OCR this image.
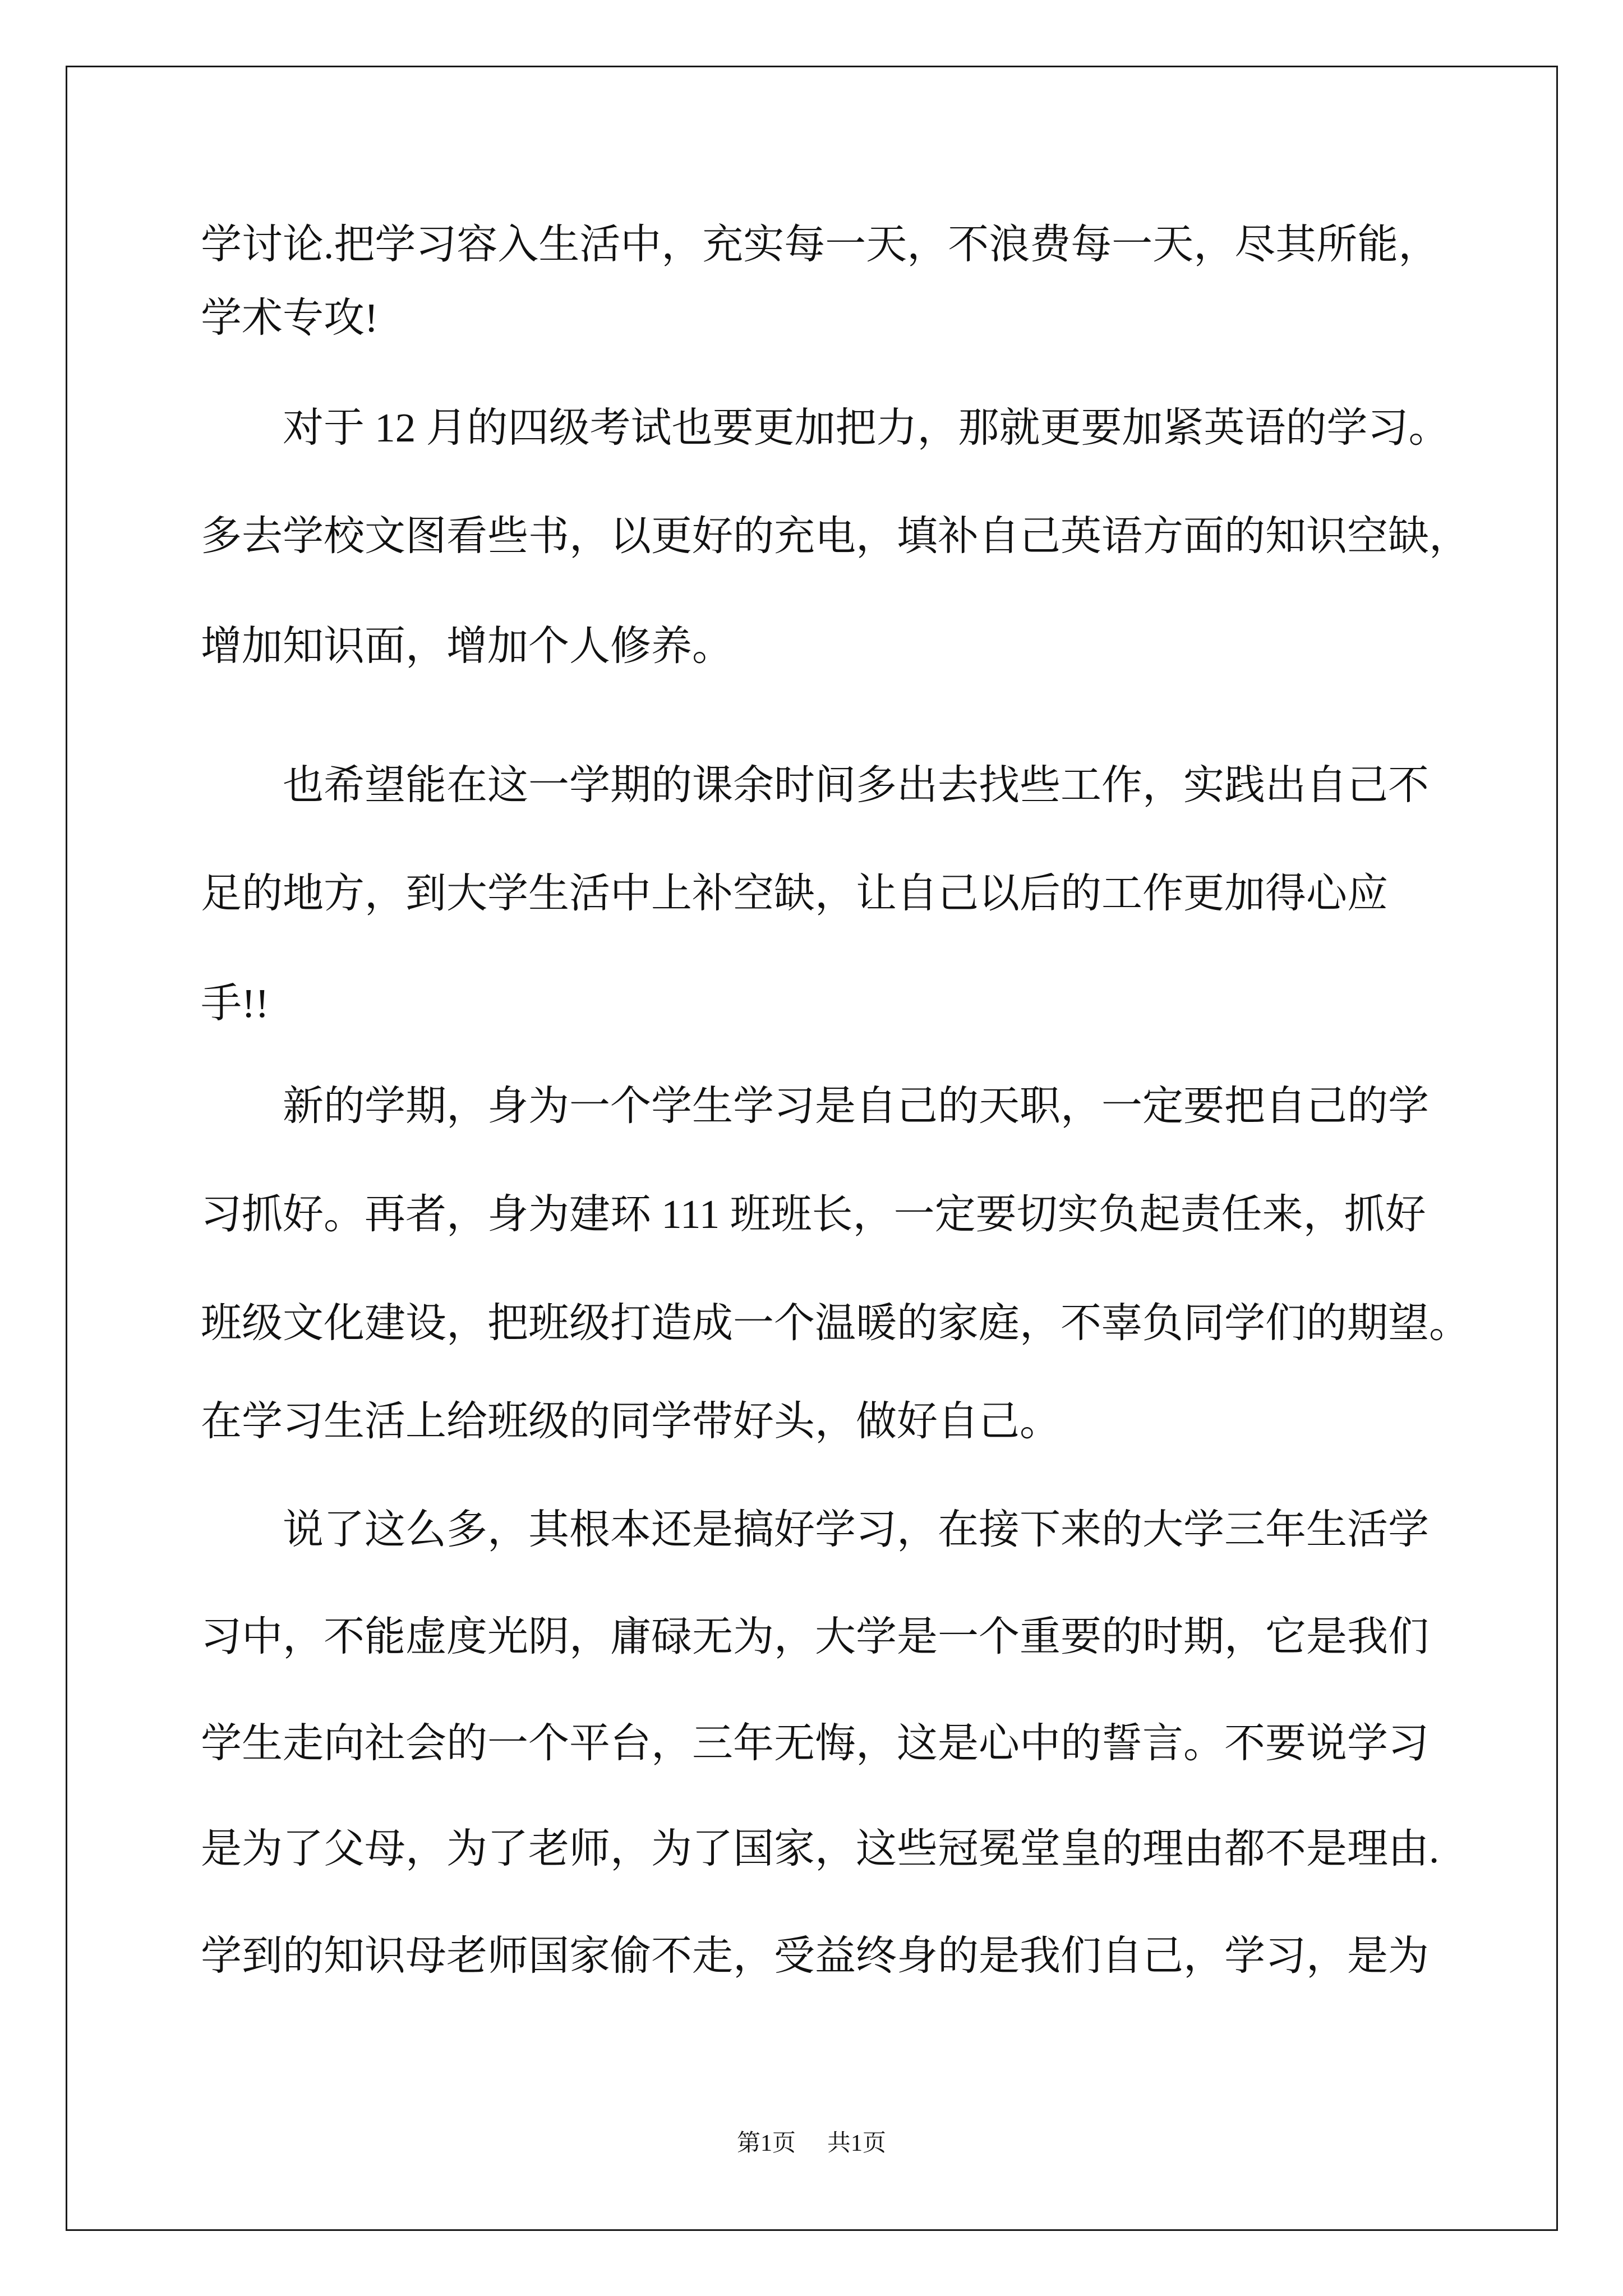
学讨论.把学习容入生活中，充实每一天，不浪费每一天，尽其所能，
学术专攻!
对于 12 月的四级考试也要更加把力，那就更要加紧英语的学习。
多去学校文图看些书，以更好的充电，填补自己英语方面的知识空缺，
增加知识面，增加个人修养。
也希望能在这一学期的课余时间多出去找些工作，实践出自己不
足的地方，到大学生活中上补空缺，让自己以后的工作更加得心应
手!!
新的学期，身为一个学生学习是自己的天职，一定要把自己的学
习抓好。再者，身为建环 111 班班长，一定要切实负起责任来，抓好
班级文化建设，把班级打造成一个温暖的家庭，不辜负同学们的期望。
在学习生活上给班级的同学带好头，做好自己。
说了这么多，其根本还是搞好学习，在接下来的大学三年生活学
习中，不能虚度光阴，庸碌无为，大学是一个重要的时期，它是我们
学生走向社会的一个平台，三年无悔，这是心中的誓言。不要说学习
是为了父母，为了老师，为了国家，这些冠冕堂皇的理由都不是理由.
学到的知识母老师国家偷不走，受益终身的是我们自己，学习，是为
第1页 共1页
